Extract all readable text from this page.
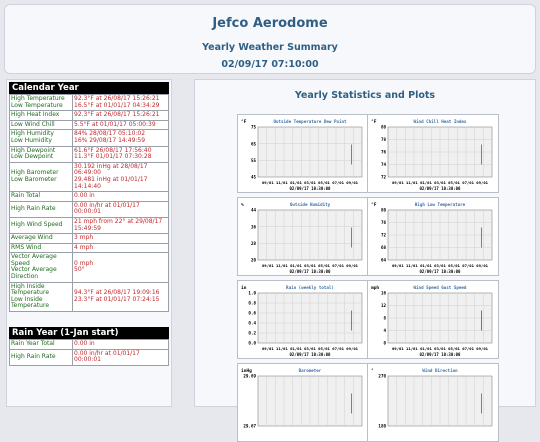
Jefco Aerodome
Yearly Weather Summary
02/09/17 07:10:00
Calendar Year
High Temperature
Low Temperature	92.3°F at 26/08/17 15:26:21
16.5°F at 01/01/17 04:34:29
High Heat Index	92.3°F at 26/08/17 15:26:21
Low Wind Chill	5.5°F at 01/01/17 05:00:39
High Humidity
Low Humidity	84% 28/08/17 05:10:02
16% 29/08/17 14:49:59
High Dewpoint
Low Dewpoint	61.6°F 26/08/17 17:56:40
11.3°F 01/01/17 07:30:28
High Barometer
Low Barometer	30.192 inHg at 28/08/17 06:49:00
29.481 inHg at 01/01/17 14:14:40
Rain Total	0.00 in
High Rain Rate	0.00 in/hr at 01/01/17 00:00:01
High Wind Speed	21 mph from 22° at 29/08/17 15:49:59
Average Wind	3 mph
RMS Wind	4 mph
Vector Average Speed
Vector Average Direction	0 mph
50°
High Inside Temperature
Low Inside Temperature	94.3°F at 26/08/17 19:09:16
23.3°F at 01/01/17 07:24:15
Rain Year (1-Jan start)
Rain Year Total	0.00 in
High Rain Rate	0.00 in/hr at 01/01/17 00:00:01
Yearly Statistics and Plots
°F	Outside Temperature Dew Point
75
65
55
45
09/01 11/01 01/01 03/01 05/01 07/01 09/01
02/09/17 10:30:00
°F	Wind Chill Heat Index
80
78
76
74
72
09/01 11/01 01/01 03/01 05/01 07/01 09/01
02/09/17 10:30:00
%	Outside Humidity
44
36
28
20
09/01 11/01 01/01 03/01 05/01 07/01 09/01
02/09/17 10:30:00
°F	High Low Temperature
80
76
72
68
64
09/01 11/01 01/01 03/01 05/01 07/01 09/01
02/09/17 10:30:00
in	Rain (weekly total)
1.0
0.8
0.6
0.4
0.2
0.0
09/01 11/01 01/01 03/01 05/01 07/01 09/01
02/09/17 10:30:00
mph	Wind Speed Gust Speed
16
12
8
4
0
09/01 11/01 01/01 03/01 05/01 07/01 09/01
02/09/17 10:30:00
inHg	Barometer
29.69
29.67
°	Wind Direction
270
180
